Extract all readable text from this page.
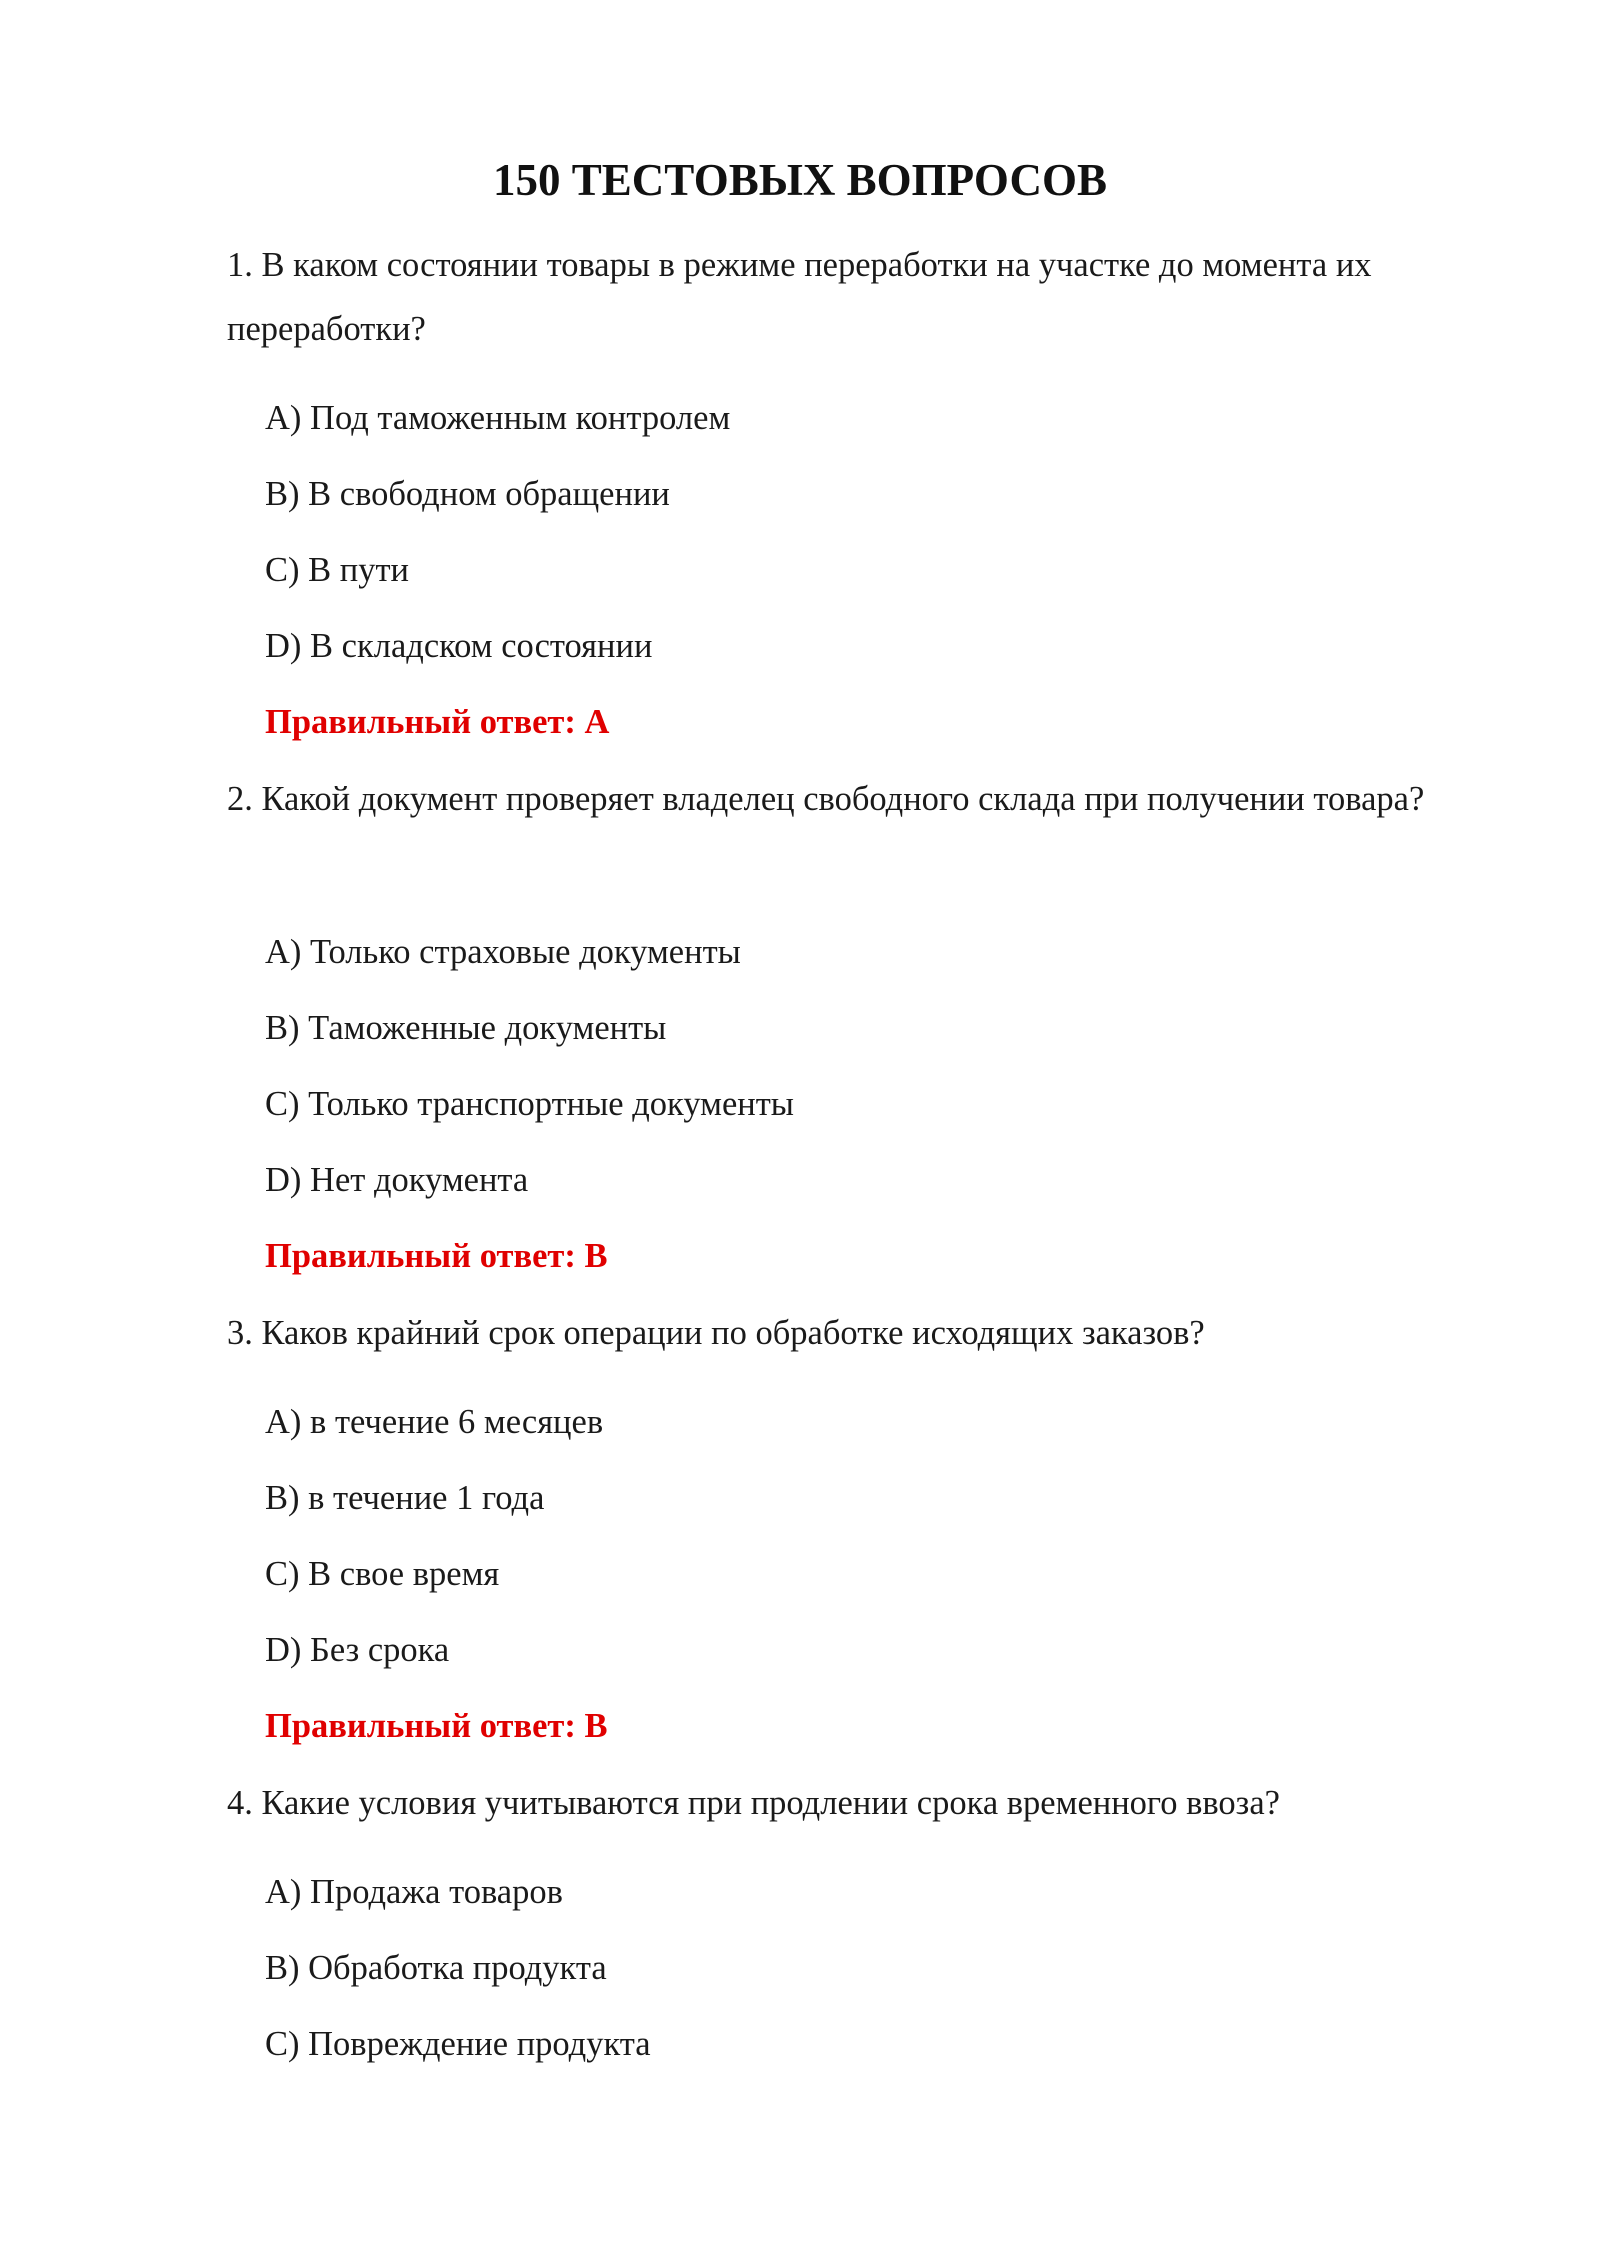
150 ТЕСТОВЫХ ВОПРОСОВ
1. В каком состоянии товары в режиме переработки на участке до момента их переработки?
A) Под таможенным контролем
B) В свободном обращении
C) В пути
D) В складском состоянии
Правильный ответ: A
2. Какой документ проверяет владелец свободного склада при получении товара?
A) Только страховые документы
B) Таможенные документы
C) Только транспортные документы
D) Нет документа
Правильный ответ: B
3. Каков крайний срок операции по обработке исходящих заказов?
A) в течение 6 месяцев
B) в течение 1 года
C) В свое время
D) Без срока
Правильный ответ: B
4. Какие условия учитываются при продлении срока временного ввоза?
A) Продажа товаров
B) Обработка продукта
C) Повреждение продукта
